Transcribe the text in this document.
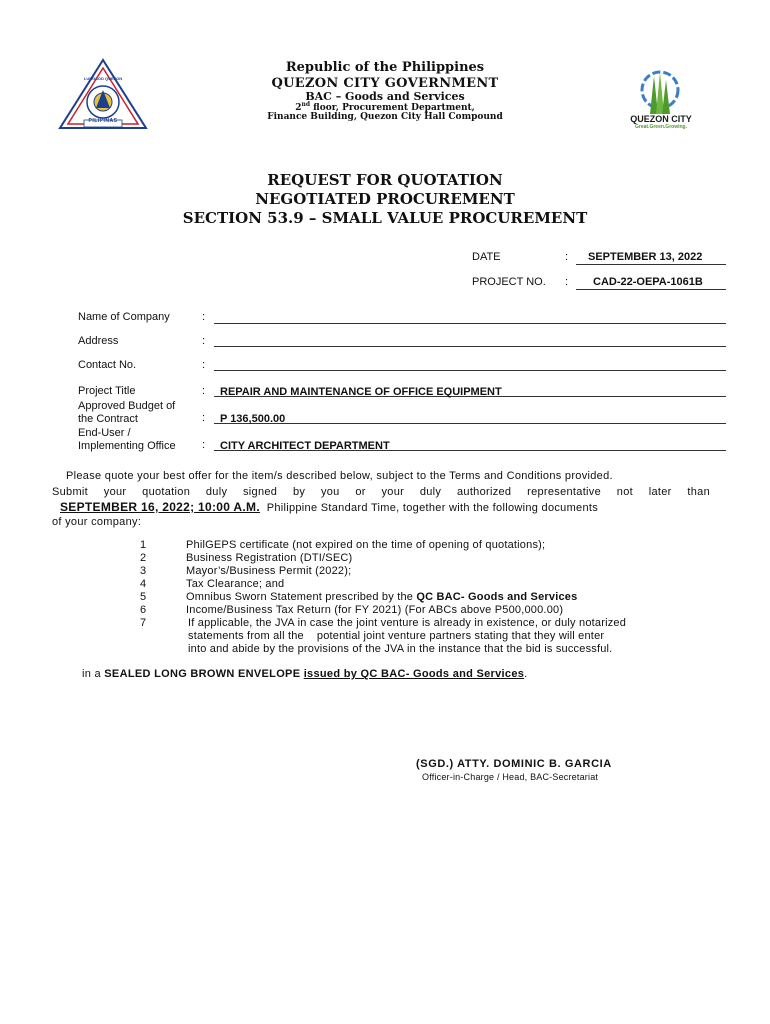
PILIPINAS
LUNGSOD QUEZON
Republic of the Philippines
QUEZON CITY GOVERNMENT
BAC – Goods and Services
2nd floor, Procurement Department,
Finance Building, Quezon City Hall Compound	QUEZON CITY
Great.Green.Growing.
REQUEST FOR QUOTATION
NEGOTIATED PROCUREMENT
SECTION 53.9 – SMALL VALUE PROCUREMENT
DATE	: SEPTEMBER 13, 2022
PROJECT NO. : CAD-22-OEPA-1061B
Name of Company	:
Address	:
Contact No.	:
Project Title	:	REPAIR AND MAINTENANCE OF OFFICE EQUIPMENT
Approved Budget of
the Contract	:	P 136,500.00
End-User /
Implementing Office :	CITY ARCHITECT DEPARTMENT
Please quote your best offer for the item/s described below, subject to the Terms and Conditions provided.
Submit your quotation duly signed by you or your duly authorized representative not later than
SEPTEMBER 16, 2022; 10:00 A.M. Philippine Standard Time, together with the following documents
of your company:
1	PhilGEPS certificate (not expired on the time of opening of quotations);
2	Business Registration (DTI/SEC)
3	Mayor’s/Business Permit (2022);
4	Tax Clearance; and
5	Omnibus Sworn Statement prescribed by the QC BAC- Goods and Services
6	Income/Business Tax Return (for FY 2021) (For ABCs above P500,000.00)
7	If applicable, the JVA in case the joint venture is already in existence, or duly notarized
statements from all the    potential joint venture partners stating that they will enter
into and abide by the provisions of the JVA in the instance that the bid is successful.
in a SEALED LONG BROWN ENVELOPE issued by QC BAC- Goods and Services.
(SGD.) ATTY. DOMINIC B. GARCIA
Officer-in-Charge / Head, BAC-Secretariat
